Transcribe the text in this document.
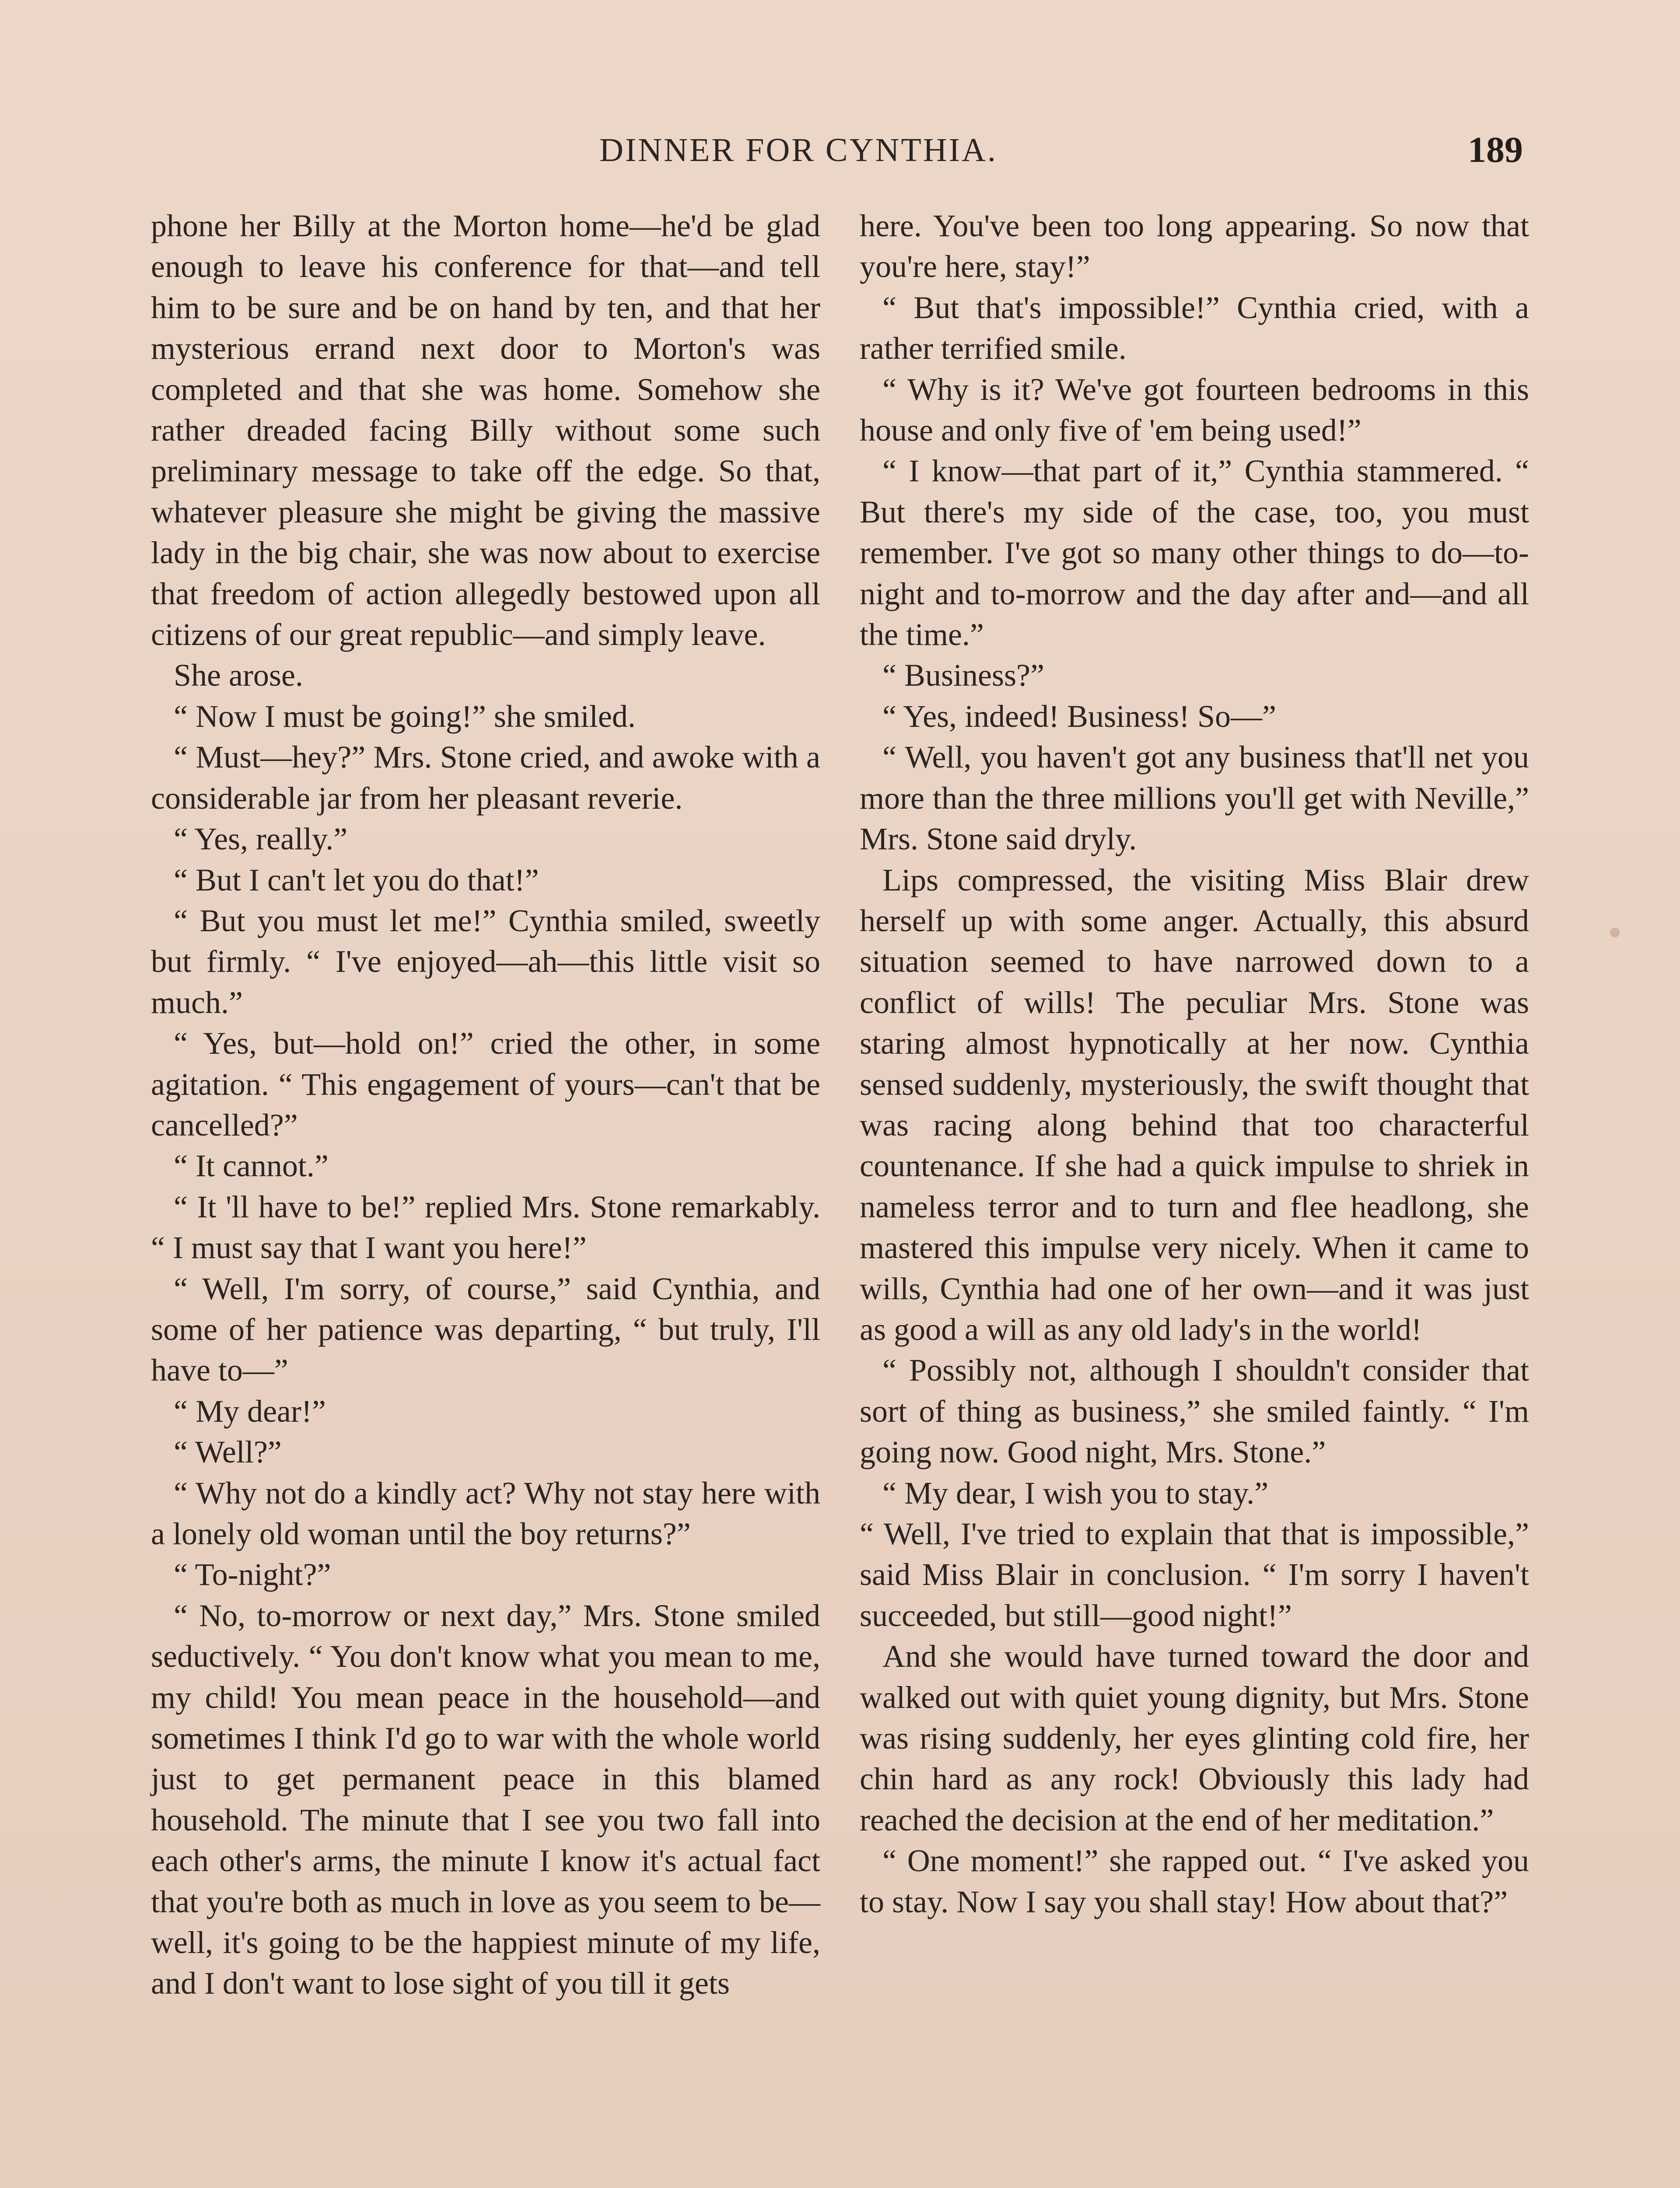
DINNER FOR CYNTHIA.	189

phone her Billy at the Morton home—he'd be glad enough to leave his conference for that—and tell him to be sure and be on hand by ten, and that her mysterious errand next door to Morton's was completed and that she was home. Somehow she rather dreaded facing Billy without some such preliminary message to take off the edge. So that, whatever pleasure she might be giving the massive lady in the big chair, she was now about to exercise that freedom of action allegedly bestowed upon all citizens of our great republic—and simply leave.

She arose.

“ Now I must be going!” she smiled.

“ Must—hey?” Mrs. Stone cried, and awoke with a considerable jar from her pleasant reverie.

“ Yes, really.”

“ But I can't let you do that!”

“ But you must let me!” Cynthia smiled, sweetly but firmly. “ I've enjoyed—ah—this little visit so much.”

“ Yes, but—hold on!” cried the other, in some agitation. “ This engagement of yours—can't that be cancelled?”

“ It cannot.”

“ It 'll have to be!” replied Mrs. Stone remarkably. “ I must say that I want you here!”

“ Well, I'm sorry, of course,” said Cynthia, and some of her patience was departing, “ but truly, I'll have to—”

“ My dear!”

“ Well?”

“ Why not do a kindly act? Why not stay here with a lonely old woman until the boy returns?”

“ To-night?”

“ No, to-morrow or next day,” Mrs. Stone smiled seductively. “ You don't know what you mean to me, my child! You mean peace in the household—and sometimes I think I'd go to war with the whole world just to get permanent peace in this blamed household. The minute that I see you two fall into each other's arms, the minute I know it's actual fact that you're both as much in love as you seem to be—well, it's going to be the happiest minute of my life, and I don't want to lose sight of you till it gets

here. You've been too long appearing. So now that you're here, stay!”

“ But that's impossible!” Cynthia cried, with a rather terrified smile.

“ Why is it? We've got fourteen bedrooms in this house and only five of 'em being used!”

“ I know—that part of it,” Cynthia stammered. “ But there's my side of the case, too, you must remember. I've got so many other things to do—to-night and to-morrow and the day after and—and all the time.”

“ Business?”

“ Yes, indeed! Business! So—”

“ Well, you haven't got any business that'll net you more than the three millions you'll get with Neville,” Mrs. Stone said dryly.

Lips compressed, the visiting Miss Blair drew herself up with some anger. Actually, this absurd situation seemed to have narrowed down to a conflict of wills! The peculiar Mrs. Stone was staring almost hypnotically at her now. Cynthia sensed suddenly, mysteriously, the swift thought that was racing along behind that too characterful countenance. If she had a quick impulse to shriek in nameless terror and to turn and flee headlong, she mastered this impulse very nicely. When it came to wills, Cynthia had one of her own—and it was just as good a will as any old lady's in the world!

“ Possibly not, although I shouldn't consider that sort of thing as business,” she smiled faintly. “ I'm going now. Good night, Mrs. Stone.”

“ My dear, I wish you to stay.”

“ Well, I've tried to explain that that is impossible,” said Miss Blair in conclusion. “ I'm sorry I haven't succeeded, but still—good night!”

And she would have turned toward the door and walked out with quiet young dignity, but Mrs. Stone was rising suddenly, her eyes glinting cold fire, her chin hard as any rock! Obviously this lady had reached the decision at the end of her meditation.”

“ One moment!” she rapped out. “ I've asked you to stay. Now I say you shall stay! How about that?”
